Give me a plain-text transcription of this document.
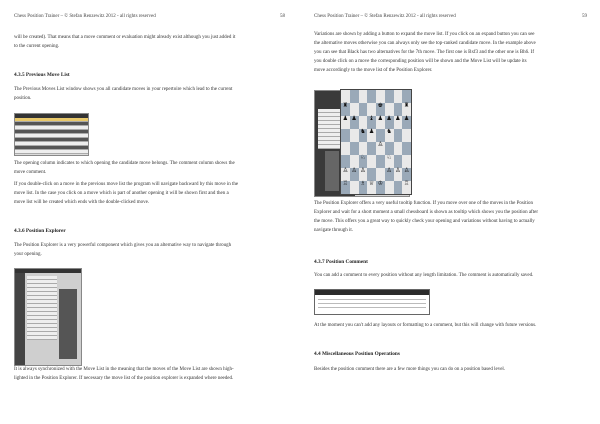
Chess Position Trainer – © Stefan Renzewitz 2012 - all rights reserved	58
will be created). That means that a move comment or evaluation might already exist although you just added it
to the current opening.
4.3.5 Previous Move List
The Previous Moves List window shows you all candidate moves in your repertoire which lead to the current
position.
The opening column indicates to which opening the candidate move belongs. The comment column shows the
move comment.
If you double-click on a move in the previous move list the program will navigate backward by this move in the
move list. In the case you click on a move which is part of another opening it will be shown first and then a
move list will be created which ends with the double-clicked move.
4.3.6 Position Explorer
The Position Explorer is a very powerful component which gives you an alternative way to navigate through
your opening.
It is always synchronized with the Move List in the meaning that the moves of the Move List are shown high-
lighted in the Position Explorer. If necessary the move list of the position explorer is expanded where needed.
Chess Position Trainer – © Stefan Renzewitz 2012 - all rights reserved	59
Variations are shown by adding a button to expand the move list. If you click on an expand button you can see
the alternative moves otherwise you can always only see the top-ranked candidate move. In the example above
you can see that Black has two alternatives for the 7th move. The first one is Bxf3 and the other one is Bh6. If
you double click on a move the corresponding position will be shown and the Move List will be update its
move accordingly to the move list of the Position Explorer.
♜	♚	♜
♟ ♟ ♝ ♟ ♟ ♟ ♟
♞ ♟ ♞
♙
♘	♘
♙ ♙ ♙	♙ ♙ ♙
♖ ♗ ♕ ♔	♖
The Position Explorer offers a very useful tooltip function. If you move over one of the moves in the Position
Explorer and wait for a short moment a small chessboard is shown as tooltip which shows you the position after
the move. This offers you a great way to quickly check your opening and variations without having to actually
navigate through it.
4.3.7 Position Comment
You can add a comment to every position without any length limitation. The comment is automatically saved.
At the moment you can't add any layouts or formatting to a comment, but this will change with future versions.
4.4 Miscellaneous Position Operations
Besides the position comment there are a few more things you can do on a position based level.
